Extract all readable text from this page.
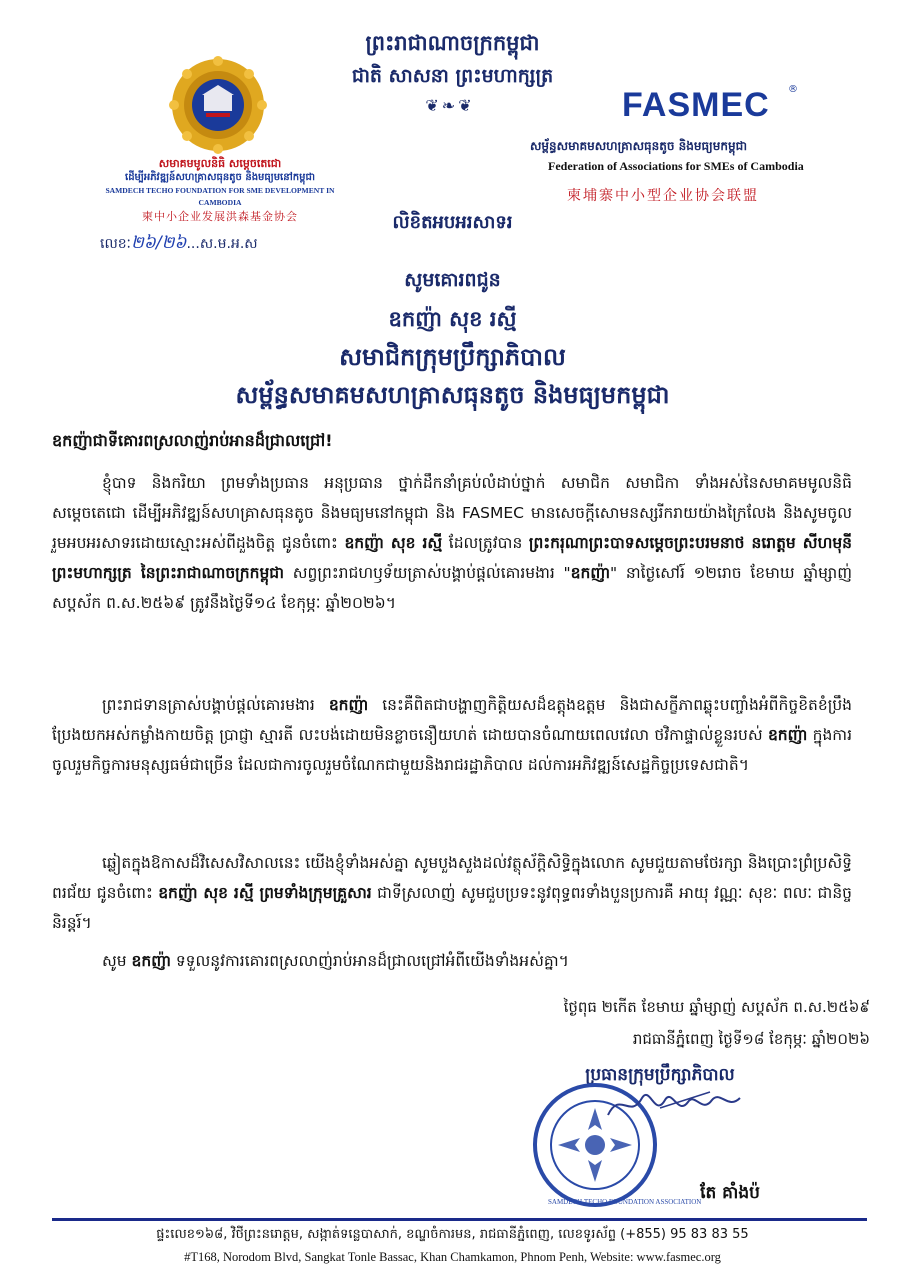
សមាគមមូលនិធិ សម្ដេចតេជោ
ដើម្បីអភិវឌ្ឍន៍សហគ្រាសធុនតូច និងមធ្យមនៅកម្ពុជា
SAMDECH TECHO FOUNDATION FOR SME DEVELOPMENT IN CAMBODIA
柬中小企业发展洪森基金协会
លេខៈ២៦/២៦...ស.ម.អ.ស
ព្រះរាជាណាចក្រកម្ពុជា
ជាតិ សាសនា ព្រះមហាក្សត្រ
❦❧❦	FASMEC ®
សម្ព័ន្ធសមាគមសហគ្រាសធុនតូច និងមធ្យមកម្ពុជា
Federation of Associations for SMEs of Cambodia
柬埔寨中小型企业协会联盟
លិខិតអបអរសាទរ
សូមគោរពជូន
ឧកញ៉ា សុខ រស្មី
សមាជិកក្រុមប្រឹក្សាភិបាល
សម្ព័ន្ធសមាគមសហគ្រាសធុនតូច និងមធ្យមកម្ពុជា
ឧកញ៉ាជាទីគោរពស្រលាញ់រាប់អានដ៏ជ្រាលជ្រៅ!
ខ្ញុំបាទ និងករិយា ព្រមទាំងប្រធាន អនុប្រធាន ថ្នាក់ដឹកនាំគ្រប់លំដាប់ថ្នាក់ សមាជិក សមាជិកា ទាំងអស់នៃសមាគមមូលនិធិសម្ដេចតេជោ ដើម្បីអភិវឌ្ឍន៍សហគ្រាសធុនតូច និងមធ្យមនៅកម្ពុជា និង FASMEC មានសេចក្តីសោមនស្សរីករាយយ៉ាងក្រៃលែង និងសូមចូលរួមអបអរសាទរដោយស្មោះអស់ពីដួងចិត្ត ជូនចំពោះ ឧកញ៉ា សុខ រស្មី ដែលត្រូវបាន ព្រះករុណាព្រះបាទសម្តេចព្រះបរមនាថ នរោត្តម សីហមុនី ព្រះមហាក្សត្រ នៃព្រះរាជាណាចក្រកម្ពុជា សព្វព្រះរាជហឫទ័យត្រាស់បង្គាប់ផ្ដល់គោរមងារ "ឧកញ៉ា" នាថ្ងៃសៅរ៍ ១២រោច ខែមាឃ ឆ្នាំម្សាញ់ សប្តស័ក ព.ស.២៥៦៩ ត្រូវនឹងថ្ងៃទី១៤ ខែកុម្ភៈ ឆ្នាំ២០២៦។
ព្រះរាជទានត្រាស់បង្គាប់ផ្តល់គោរមងារ ឧកញ៉ា នេះគឺពិតជាបង្ហាញកិត្តិយសដ៏ឧត្តុងឧត្តម និងជាសក្ខីភាពឆ្លុះបញ្ចាំងអំពីកិច្ចខិតខំប្រឹងប្រែងយកអស់កម្លាំងកាយចិត្ត ប្រាជ្ញា ស្មារតី លះបង់ដោយមិនខ្លាចនឿយហត់ ដោយបានចំណាយពេលវេលា ថវិកាផ្ទាល់ខ្លួនរបស់ ឧកញ៉ា ក្នុងការចូលរួមកិច្ចការមនុស្សធម៌ជាច្រើន ដែលជាការចូលរួមចំណែកជាមួយនិងរាជរដ្ឋាភិបាល ដល់ការអភិវឌ្ឍន៍សេដ្ឋកិច្ចប្រទេសជាតិ។
ឆ្លៀតក្នុងឱកាសដ៏វិសេសវិសាលនេះ យើងខ្ញុំទាំងអស់គ្នា សូមបួងសួងដល់វត្ថុស័ក្តិសិទ្ធិក្នុងលោក សូមជួយតាមថែរក្សា និងប្រោះព្រំប្រសិទ្ធិពរជ័យ ជូនចំពោះ ឧកញ៉ា សុខ រស្មី ព្រមទាំងក្រុមគ្រួសារ ជាទីស្រលាញ់ សូមជួបប្រទះនូវពុទ្ធពរទាំងបួនប្រការគឺ អាយុ វណ្ណៈ សុខៈ ពលៈ ជានិច្ចនិរន្តរ៍។
សូម ឧកញ៉ា ទទួលនូវការគោរពស្រលាញ់រាប់អានដ៏ជ្រាលជ្រៅអំពីយើងទាំងអស់គ្នា។
ថ្ងៃពុធ ២កើត ខែមាឃ ឆ្នាំម្សាញ់ សប្តស័ក ព.ស.២៥៦៩
រាជធានីភ្នំពេញ ថ្ងៃទី១៨ ខែកុម្ភៈ ឆ្នាំ២០២៦
ប្រធានក្រុមប្រឹក្សាភិបាល
SAMDECH TECHO FOUNDATION ASSOCIATION
តែ គាំងប៉
ផ្ទះលេខ១៦៨, វិថីព្រះនរោត្តម, សង្កាត់ទន្លេបាសាក់, ខណ្ឌចំការមន, រាជធានីភ្នំពេញ, លេខទូរស័ព្ទ (+855) 95 83 83 55
#T168, Norodom Blvd, Sangkat Tonle Bassac, Khan Chamkamon, Phnom Penh, Website: www.fasmec.org
